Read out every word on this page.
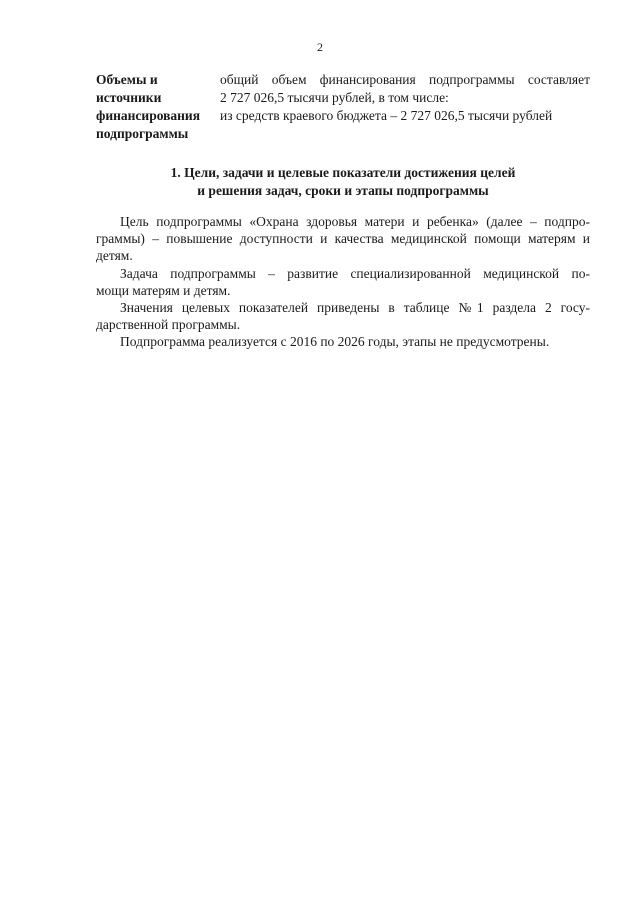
2
Объемы и
источники
финансирования
подпрограммы
общий объем финансирования подпрограммы составляет
2 727 026,5 тысячи рублей, в том числе:
из средств краевого бюджета – 2 727 026,5 тысячи рублей
1. Цели, задачи и целевые показатели достижения целей
и решения задач, сроки и этапы подпрограммы
Цель подпрограммы «Охрана здоровья матери и ребенка» (далее – подпро-
граммы) – повышение доступности и качества медицинской помощи матерям и
детям.
Задача подпрограммы – развитие специализированной медицинской по-
мощи матерям и детям.
Значения целевых показателей приведены в таблице №1 раздела 2 госу-
дарственной программы.
Подпрограмма реализуется с 2016 по 2026 годы, этапы не предусмотрены.
